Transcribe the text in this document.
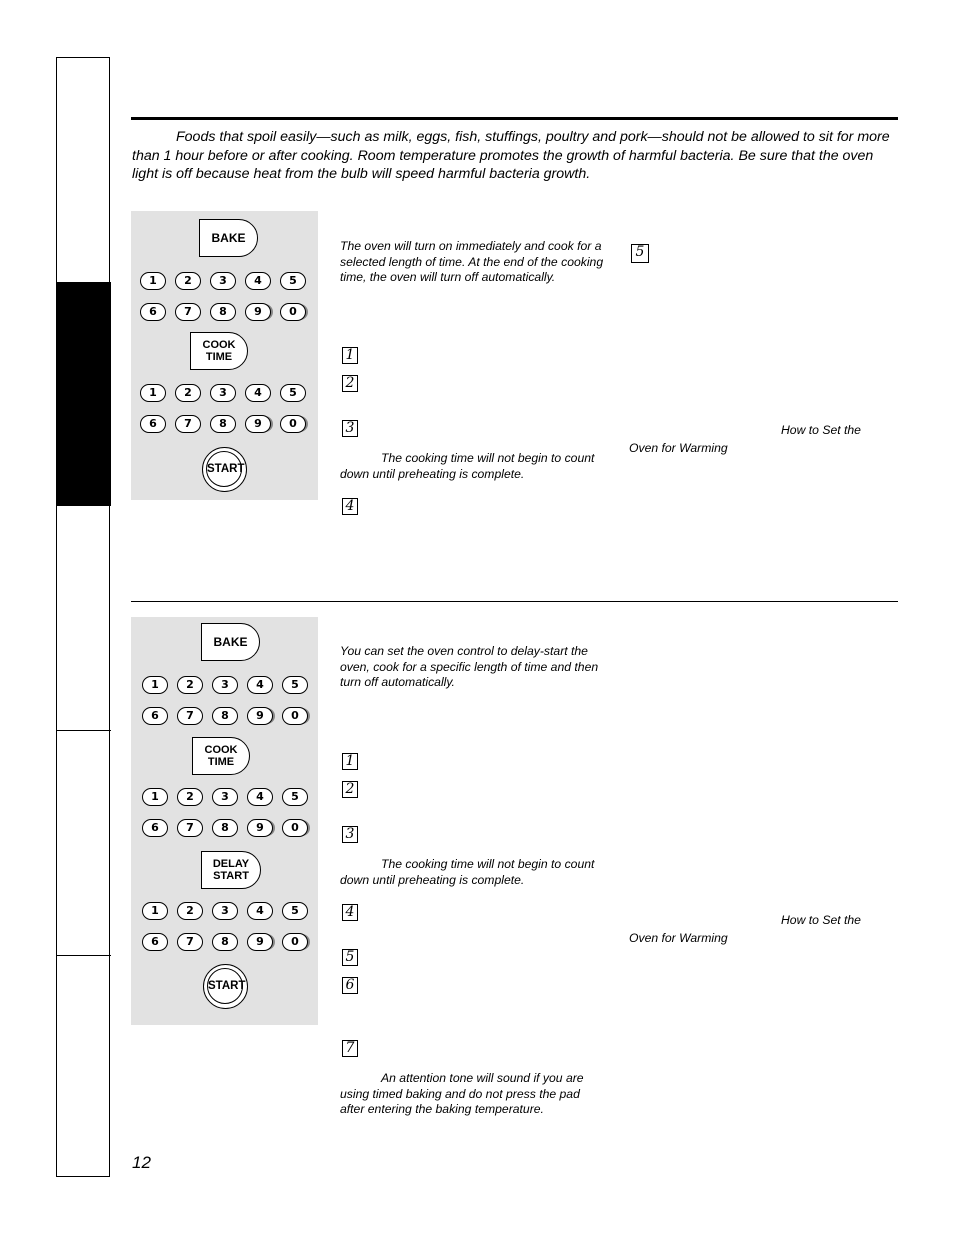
Foods that spoil easily—such as milk, eggs, fish, stuffings, poultry and pork—should not be allowed to sit for more than 1 hour before or after cooking. Room temperature promotes the growth of harmful bacteria. Be sure that the oven light is off because heat from the bulb will speed harmful bacteria growth.
The oven will turn on immediately and cook for a selected length of time. At the end of the cooking time, the oven will turn off automatically.
5
1
2
3
4
The cooking time will not begin to count down until preheating is complete.
How to Set the
Oven for Warming
You can set the oven control to delay-start the oven, cook for a specific length of time and then turn off automatically.
1
2
3
4
5
6
7
The cooking time will not begin to count down until preheating is complete.
How to Set the
Oven for Warming
An attention tone will sound if you are using timed baking and do not press the pad after entering the baking temperature.
12
BAKE
1	2	3	4	5
6	7	8	9	0
COOK
TIME
1	2	3	4	5
6	7	8	9	0
START
BAKE
1	2	3	4	5
6	7	8	9	0
COOK
TIME
1	2	3	4	5
6	7	8	9	0
DELAY
START
1	2	3	4	5
6	7	8	9	0
START
